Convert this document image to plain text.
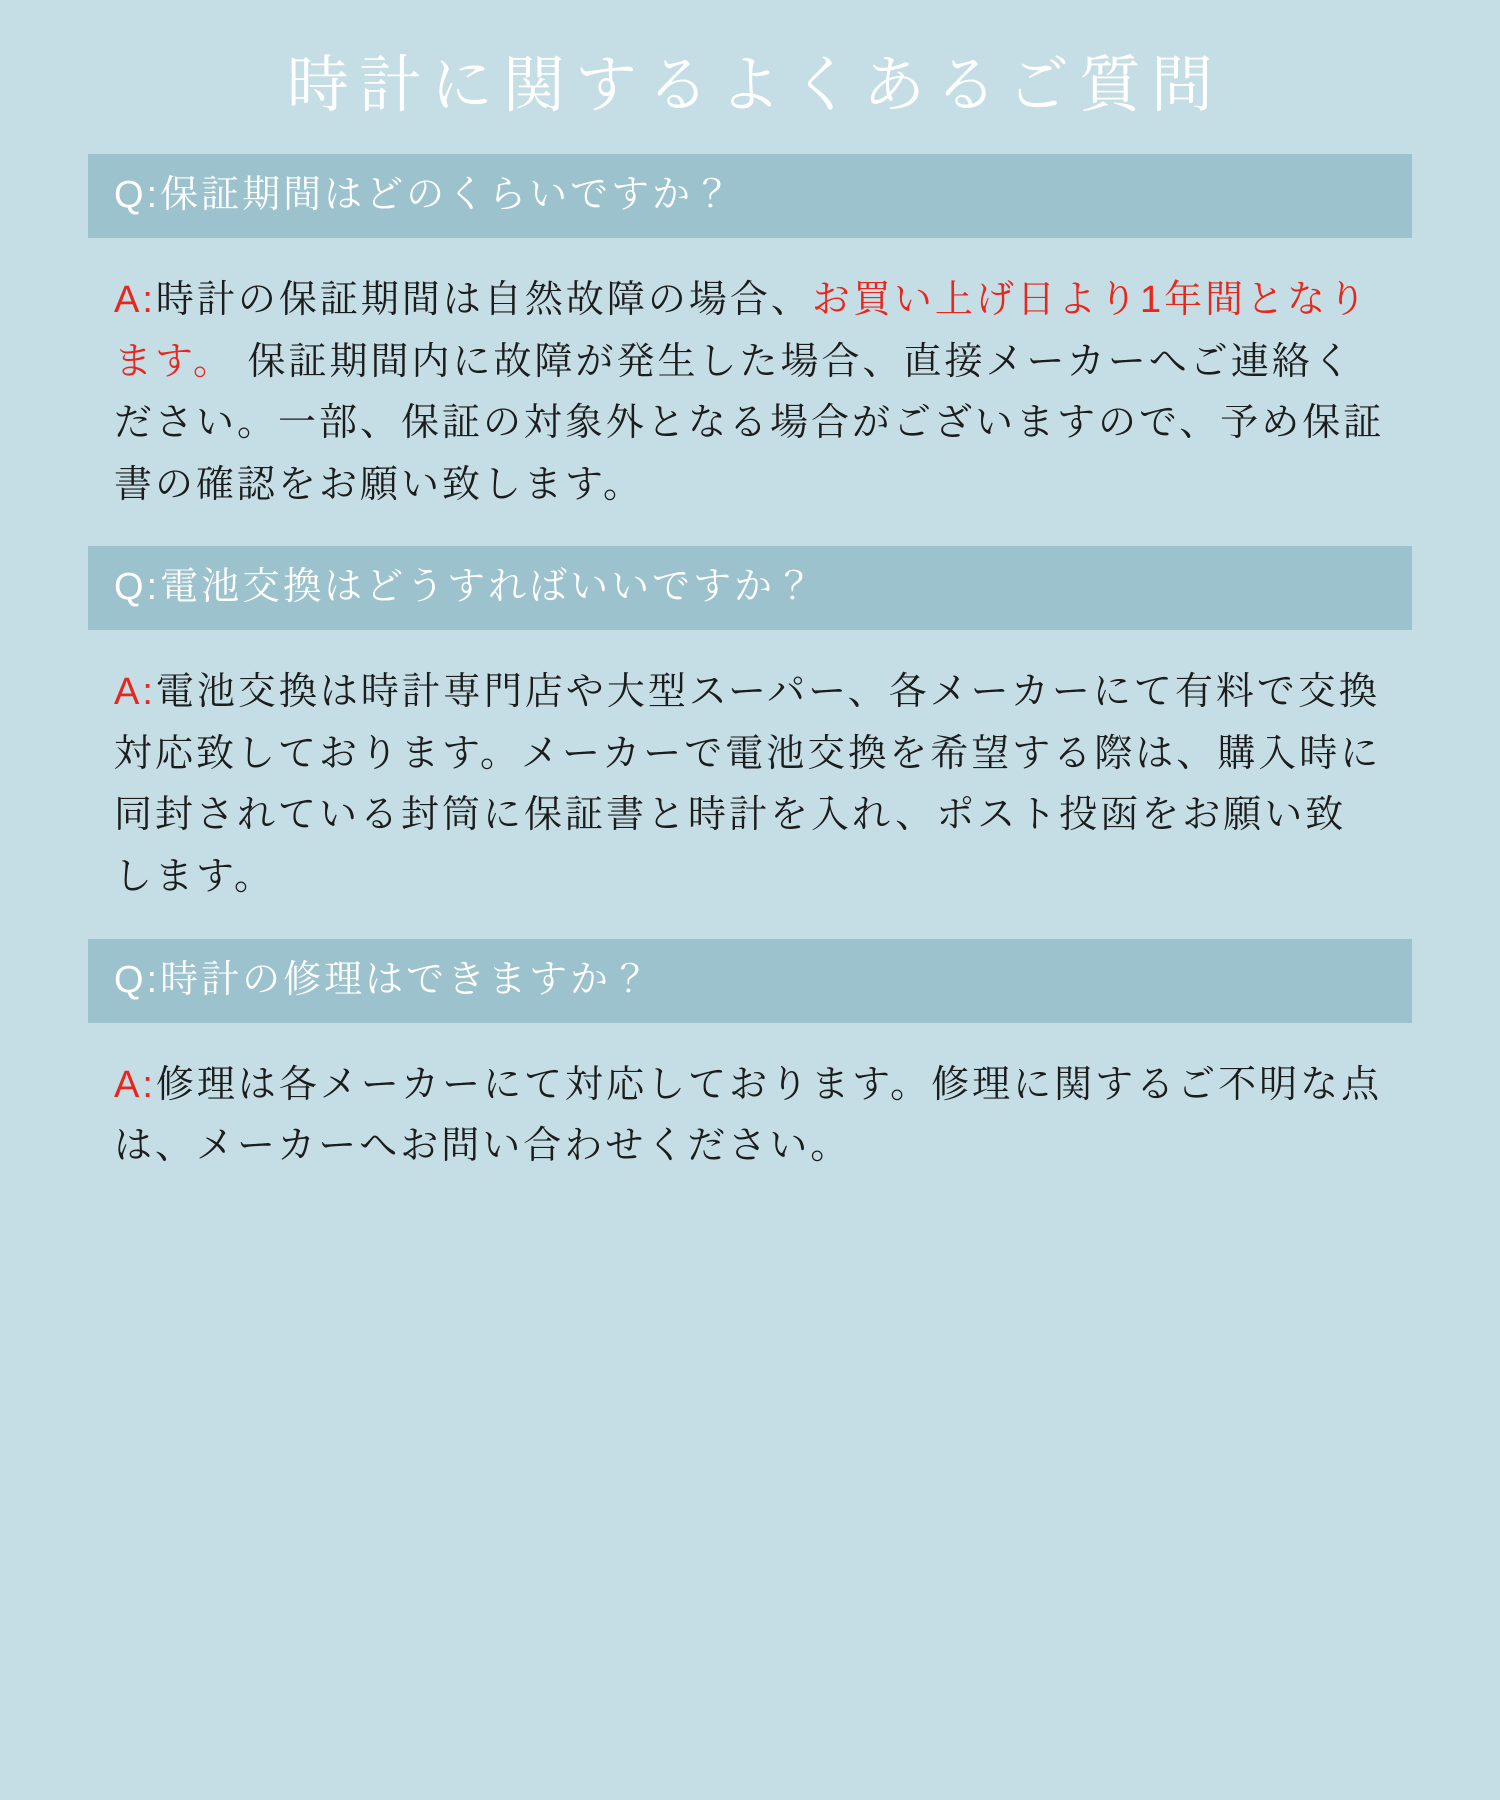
時計に関するよくあるご質問
Q:保証期間はどのくらいですか？
A:時計の保証期間は自然故障の場合、お買い上げ日より1年間となります。 保証期間内に故障が発生した場合、直接メーカーへご連絡ください。一部、保証の対象外となる場合がございますので、予め保証書の確認をお願い致します。
Q:電池交換はどうすればいいですか？
A:電池交換は時計専門店や大型スーパー、各メーカーにて有料で交換対応致しております。メーカーで電池交換を希望する際は、購入時に同封されている封筒に保証書と時計を入れ、ポスト投函をお願い致します。
Q:時計の修理はできますか？
A:修理は各メーカーにて対応しております。修理に関するご不明な点は、メーカーへお問い合わせください。
